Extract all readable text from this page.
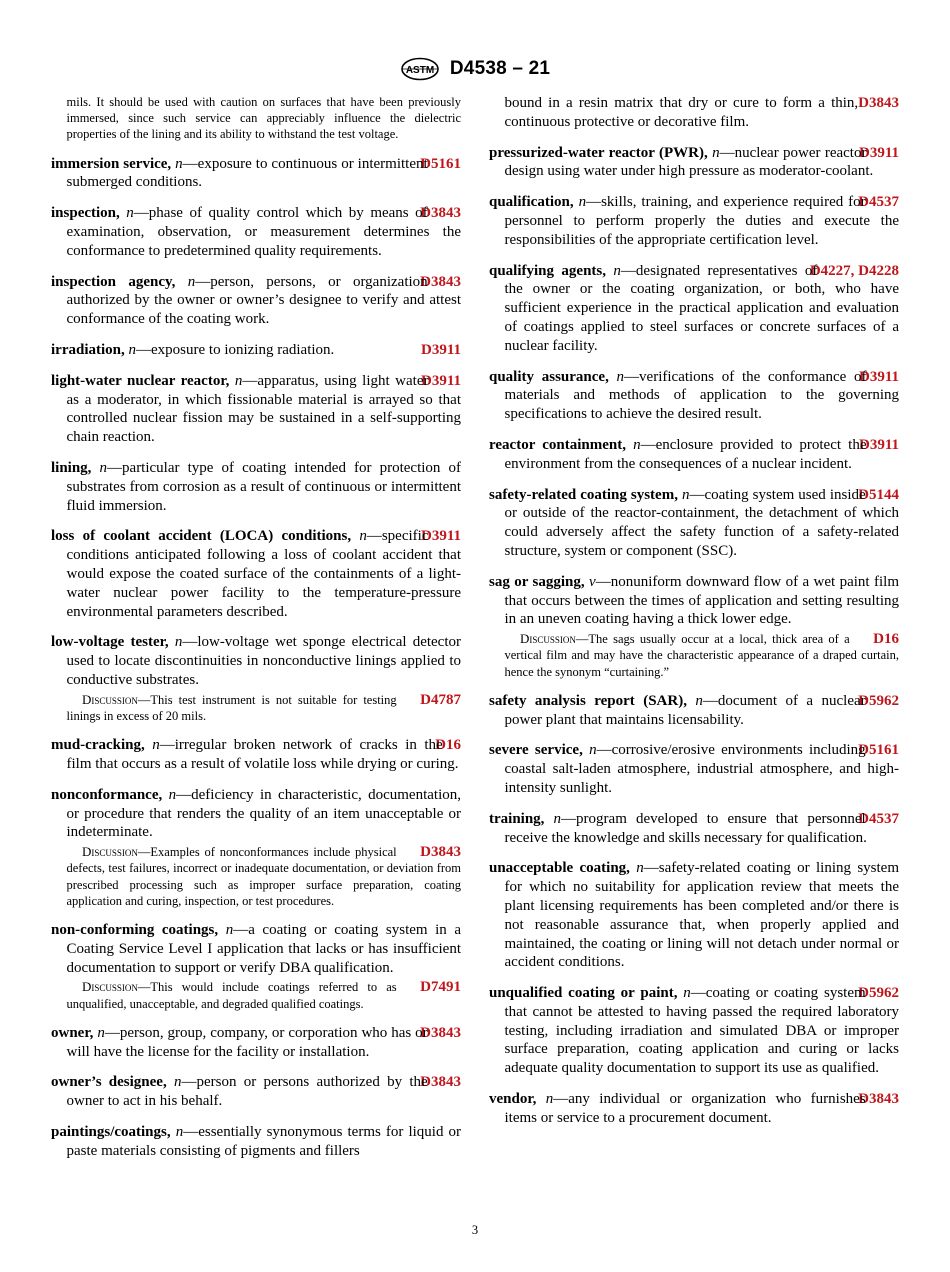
ASTM D4538 – 21
mils. It should be used with caution on surfaces that have been previously immersed, since such service can appreciably influence the dielectric properties of the lining and its ability to withstand the test voltage.
D5161
immersion service, n—exposure to continuous or intermittent submerged conditions.
D3843
inspection, n—phase of quality control which by means of examination, observation, or measurement determines the conformance to predetermined quality requirements.
D3843
inspection agency, n—person, persons, or organization authorized by the owner or owner’s designee to verify and attest conformance of the coating work.
D3911
irradiation, n—exposure to ionizing radiation.
D3911
light-water nuclear reactor, n—apparatus, using light water as a moderator, in which fissionable material is arrayed so that controlled nuclear fission may be sustained in a self-supporting chain reaction.
lining, n—particular type of coating intended for protection of substrates from corrosion as a result of continuous or intermittent fluid immersion.
D3911
loss of coolant accident (LOCA) conditions, n—specific conditions anticipated following a loss of coolant accident that would expose the coated surface of the containments of a light-water nuclear power facility to the temperature-pressure environmental parameters described.
low-voltage tester, n—low-voltage wet sponge electrical detector used to locate discontinuities in nonconductive linings applied to conductive substrates.
D4787
Discussion—This test instrument is not suitable for testing linings in excess of 20 mils.
D16
mud-cracking, n—irregular broken network of cracks in the film that occurs as a result of volatile loss while drying or curing.
nonconformance, n—deficiency in characteristic, documentation, or procedure that renders the quality of an item unacceptable or indeterminate.
D3843
Discussion—Examples of nonconformances include physical defects, test failures, incorrect or inadequate documentation, or deviation from prescribed processing such as improper surface preparation, coating application and curing, inspection, or test procedures.
non-conforming coatings, n—a coating or coating system in a Coating Service Level I application that lacks or has insufficient documentation to support or verify DBA qualification.
D7491
Discussion—This would include coatings referred to as unqualified, unacceptable, and degraded qualified coatings.
D3843
owner, n—person, group, company, or corporation who has or will have the license for the facility or installation.
D3843
owner’s designee, n—person or persons authorized by the owner to act in his behalf.
paintings/coatings, n—essentially synonymous terms for liquid or paste materials consisting of pigments and fillers
D3843
bound in a resin matrix that dry or cure to form a thin, continuous protective or decorative film.
D3911
pressurized-water reactor (PWR), n—nuclear power reactor design using water under high pressure as moderator-coolant.
D4537
qualification, n—skills, training, and experience required for personnel to perform properly the duties and execute the responsibilities of the appropriate certification level.
D4227, D4228
qualifying agents, n—designated representatives of the owner or the coating organization, or both, who have sufficient experience in the practical application and evaluation of coatings applied to steel surfaces or concrete surfaces of a nuclear facility.
D3911
quality assurance, n—verifications of the conformance of materials and methods of application to the governing specifications to achieve the desired result.
D3911
reactor containment, n—enclosure provided to protect the environment from the consequences of a nuclear incident.
D5144
safety-related coating system, n—coating system used inside or outside of the reactor-containment, the detachment of which could adversely affect the safety function of a safety-related structure, system or component (SSC).
sag or sagging, v—nonuniform downward flow of a wet paint film that occurs between the times of application and setting resulting in an uneven coating having a thick lower edge.
D16
Discussion—The sags usually occur at a local, thick area of a vertical film and may have the characteristic appearance of a draped curtain, hence the synonym “curtaining.”
D5962
safety analysis report (SAR), n—document of a nuclear power plant that maintains licensability.
D5161
severe service, n—corrosive/erosive environments including coastal salt-laden atmosphere, industrial atmosphere, and high-intensity sunlight.
D4537
training, n—program developed to ensure that personnel receive the knowledge and skills necessary for qualification.
unacceptable coating, n—safety-related coating or lining system for which no suitability for application review that meets the plant licensing requirements has been completed and/or there is not reasonable assurance that, when properly applied and maintained, the coating or lining will not detach under normal or accident conditions.
D5962
unqualified coating or paint, n—coating or coating system that cannot be attested to having passed the required laboratory testing, including irradiation and simulated DBA or improper surface preparation, coating application and curing or lacks adequate quality documentation to support its use as qualified.
D3843
vendor, n—any individual or organization who furnishes items or service to a procurement document.
3
